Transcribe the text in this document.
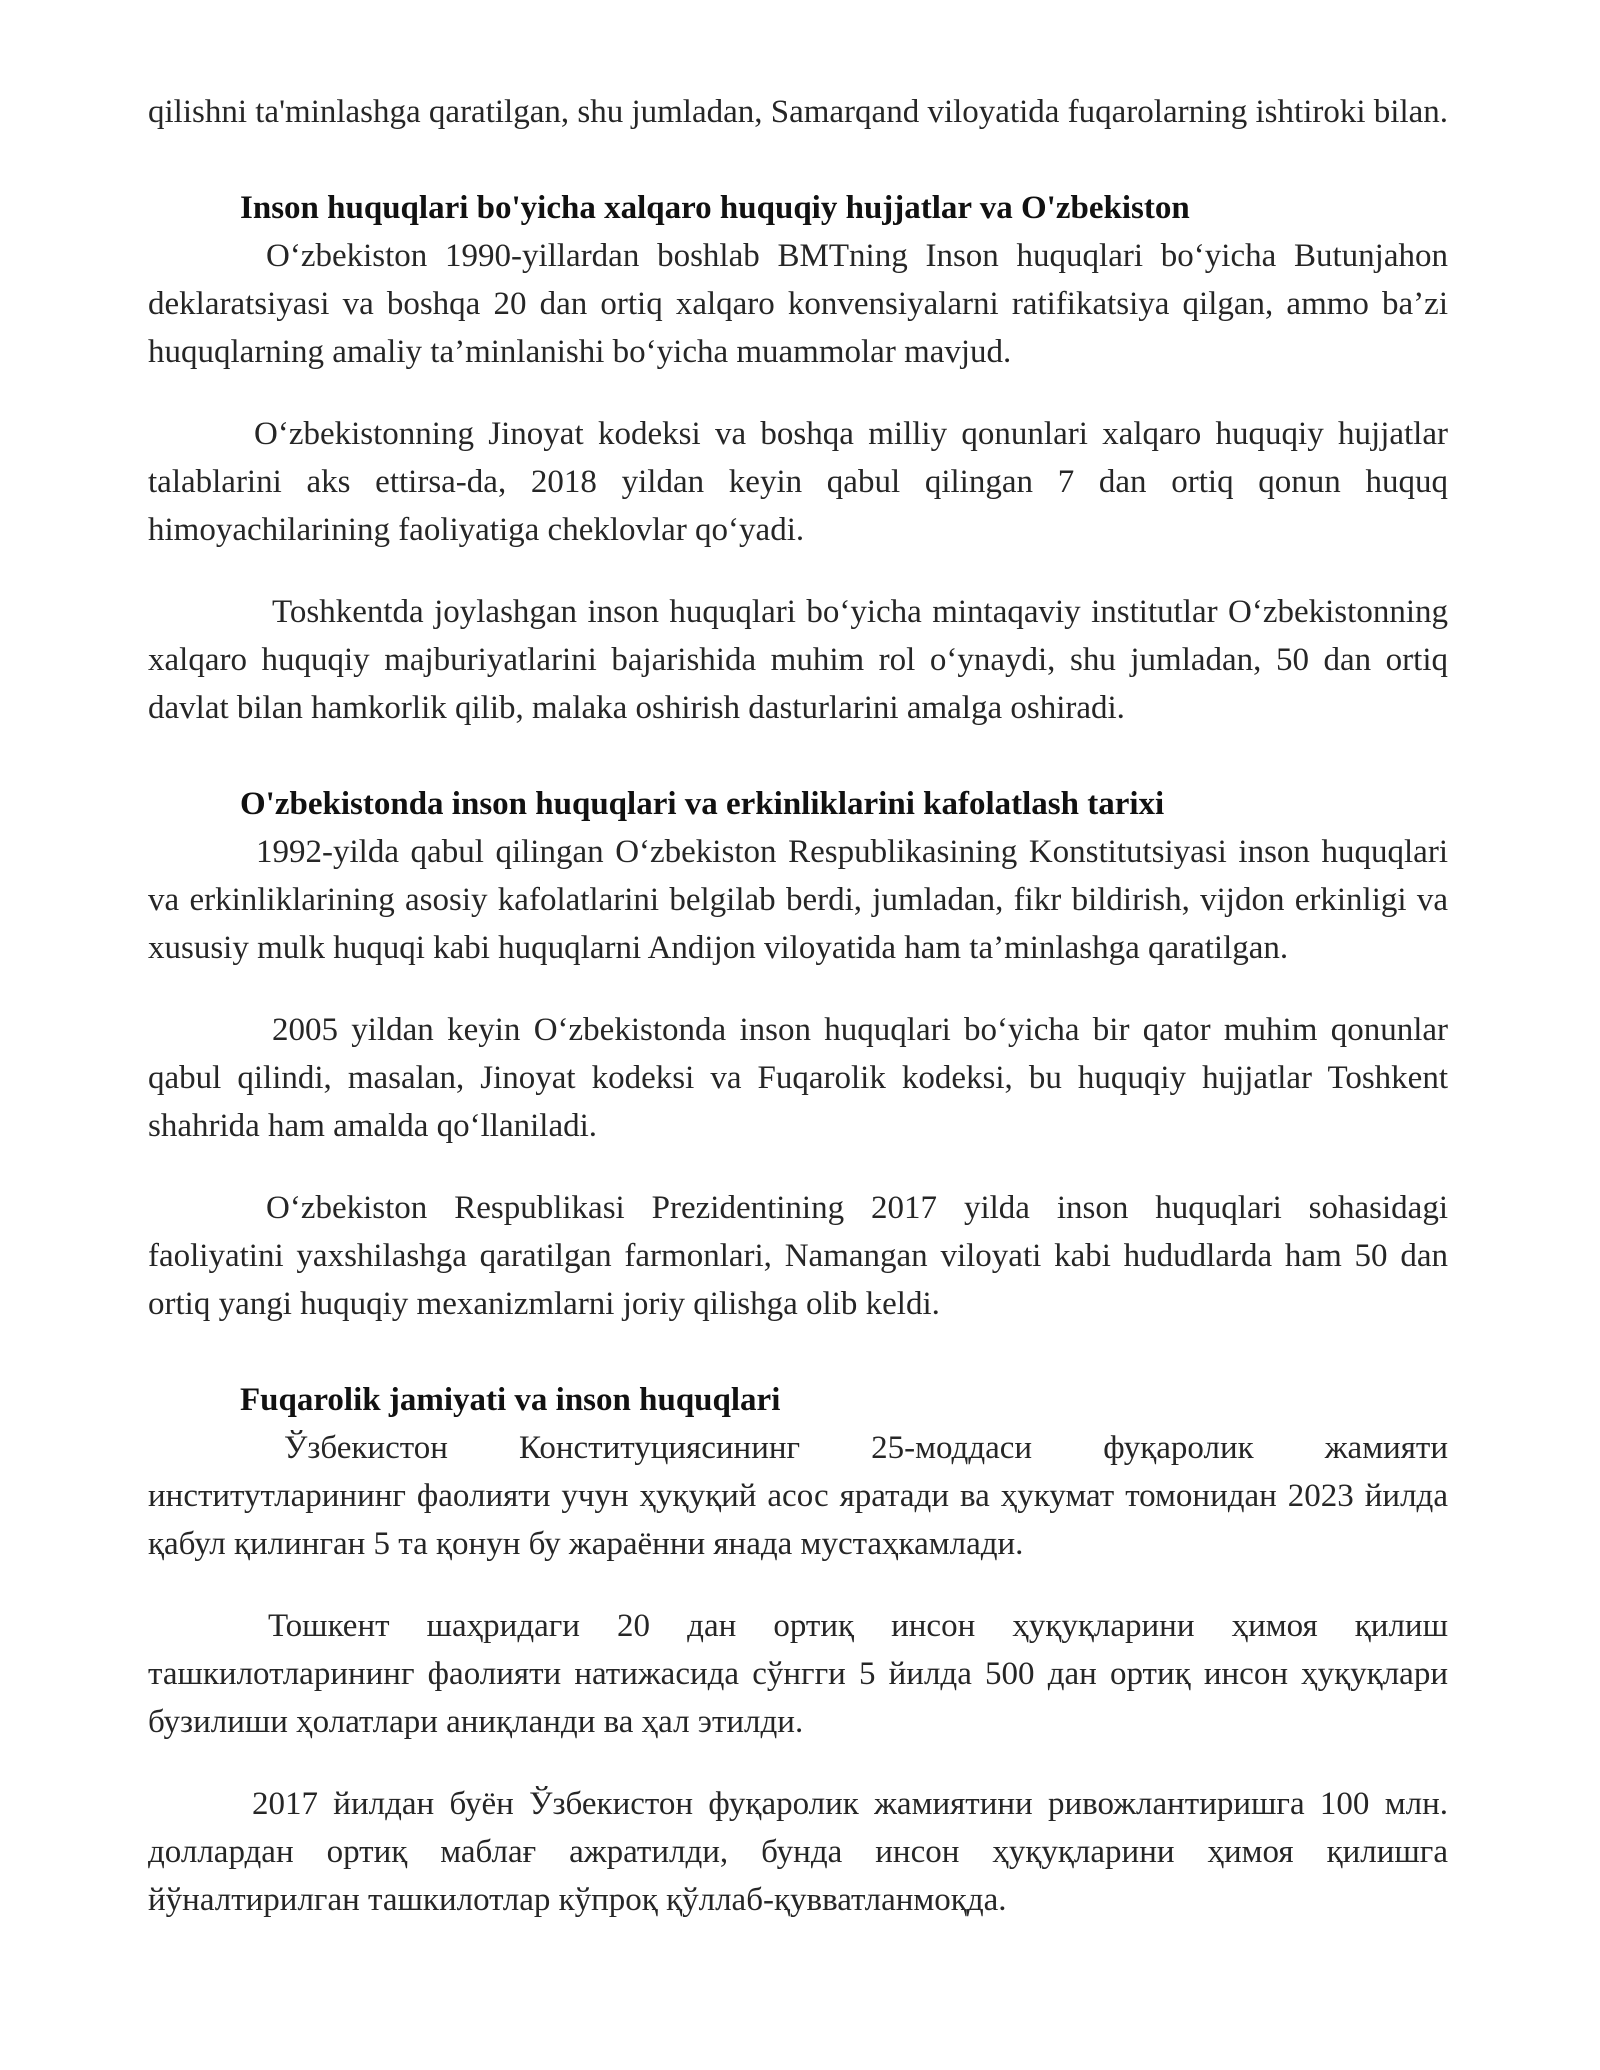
qilishni ta'minlashga qaratilgan, shu jumladan, Samarqand viloyatida fuqarolarning ishtiroki bilan.

Inson huquqlari bo'yicha xalqaro huquqiy hujjatlar va O'zbekiston

O‘zbekiston 1990-yillardan boshlab BMTning Inson huquqlari bo‘yicha Butunjahon deklaratsiyasi va boshqa 20 dan ortiq xalqaro konvensiyalarni ratifikatsiya qilgan, ammo ba’zi huquqlarning amaliy ta’minlanishi bo‘yicha muammolar mavjud.

O‘zbekistonning Jinoyat kodeksi va boshqa milliy qonunlari xalqaro huquqiy hujjatlar talablarini aks ettirsa-da, 2018 yildan keyin qabul qilingan 7 dan ortiq qonun huquq himoyachilarining faoliyatiga cheklovlar qo‘yadi.

Toshkentda joylashgan inson huquqlari bo‘yicha mintaqaviy institutlar O‘zbekistonning xalqaro huquqiy majburiyatlarini bajarishida muhim rol o‘ynaydi, shu jumladan, 50 dan ortiq davlat bilan hamkorlik qilib, malaka oshirish dasturlarini amalga oshiradi.

O'zbekistonda inson huquqlari va erkinliklarini kafolatlash tarixi

1992-yilda qabul qilingan O‘zbekiston Respublikasining Konstitutsiyasi inson huquqlari va erkinliklarining asosiy kafolatlarini belgilab berdi, jumladan, fikr bildirish, vijdon erkinligi va xususiy mulk huquqi kabi huquqlarni Andijon viloyatida ham ta’minlashga qaratilgan.

2005 yildan keyin O‘zbekistonda inson huquqlari bo‘yicha bir qator muhim qonunlar qabul qilindi, masalan, Jinoyat kodeksi va Fuqarolik kodeksi, bu huquqiy hujjatlar Toshkent shahrida ham amalda qo‘llaniladi.

O‘zbekiston Respublikasi Prezidentining 2017 yilda inson huquqlari sohasidagi faoliyatini yaxshilashga qaratilgan farmonlari, Namangan viloyati kabi hududlarda ham 50 dan ortiq yangi huquqiy mexanizmlarni joriy qilishga olib keldi.

Fuqarolik jamiyati va inson huquqlari

Ўзбекистон Конституциясининг 25-моддаси фуқаролик жамияти институтларининг фаолияти учун ҳуқуқий асос яратади ва ҳукумат томонидан 2023 йилда қабул қилинган 5 та қонун бу жараённи янада мустаҳкамлади.

Тошкент шаҳридаги 20 дан ортиқ инсон ҳуқуқларини ҳимоя қилиш ташкилотларининг фаолияти натижасида сўнгги 5 йилда 500 дан ортиқ инсон ҳуқуқлари бузилиши ҳолатлари аниқланди ва ҳал этилди.

2017 йилдан буён Ўзбекистон фуқаролик жамиятини ривожлантиришга 100 млн. доллардан ортиқ маблағ ажратилди, бунда инсон ҳуқуқларини ҳимоя қилишга йўналтирилган ташкилотлар кўпроқ қўллаб-қувватланмоқда.
